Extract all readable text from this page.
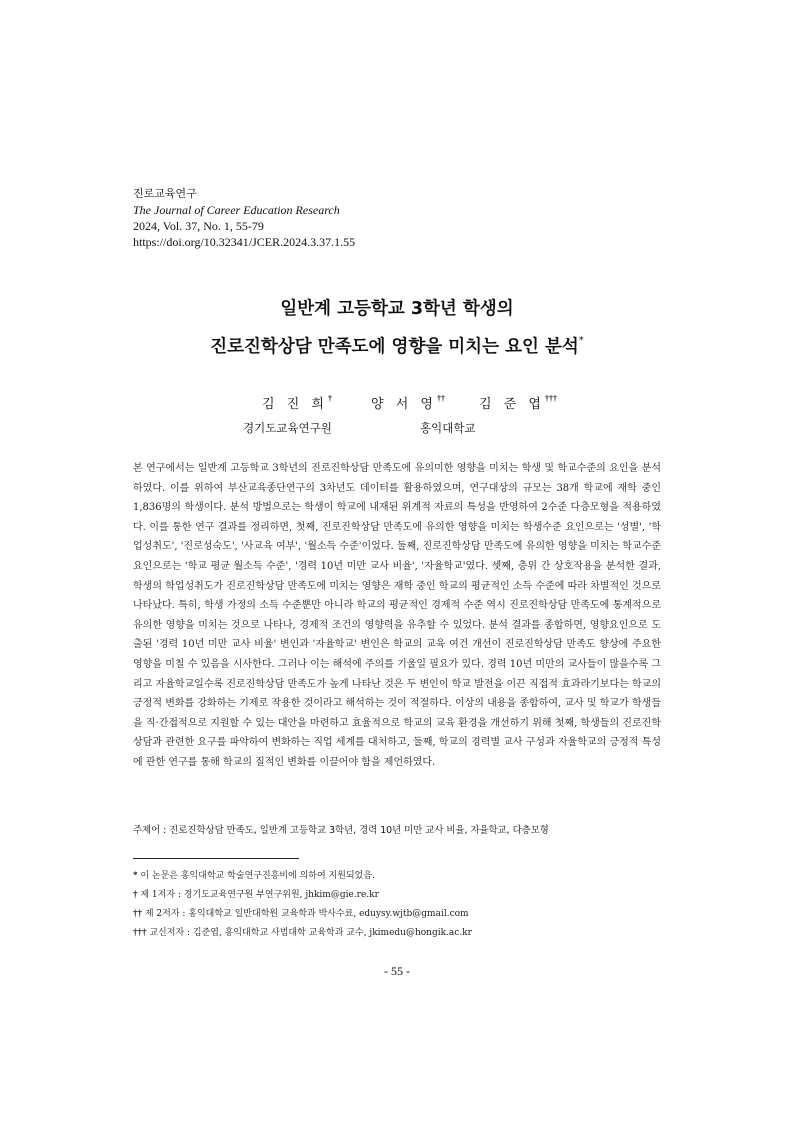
진로교육연구
The Journal of Career Education Research
2024, Vol. 37, No. 1, 55-79
https://doi.org/10.32341/JCER.2024.3.37.1.55
일반계 고등학교 3학년 학생의
진로진학상담 만족도에 영향을 미치는 요인 분석*
김 진 희†	양 서 영††	김 준 엽†††
경기도교육연구원	홍익대학교
본 연구에서는 일반계 고등학교 3학년의 진로진학상담 만족도에 유의미한 영향을 미치는 학생 및 학교수준의 요인을 분석하였다. 이를 위하여 부산교육종단연구의 3차년도 데이터를 활용하였으며, 연구대상의 규모는 38개 학교에 재학 중인 1,836명의 학생이다. 분석 방법으로는 학생이 학교에 내재된 위계적 자료의 특성을 반영하여 2수준 다층모형을 적용하였다. 이를 통한 연구 결과를 정리하면, 첫째, 진로진학상담 만족도에 유의한 영향을 미치는 학생수준 요인으로는 '성별', '학업성취도', '진로성숙도', '사교육 여부', '월소득 수준'이었다. 둘째, 진로진학상담 만족도에 유의한 영향을 미치는 학교수준 요인으로는 '학교 평균 월소득 수준', '경력 10년 미만 교사 비율', '자율학교'였다. 셋째, 층위 간 상호작용을 분석한 결과, 학생의 학업성취도가 진로진학상담 만족도에 미치는 영향은 재학 중인 학교의 평균적인 소득 수준에 따라 차별적인 것으로 나타났다. 특히, 학생 가정의 소득 수준뿐만 아니라 학교의 평균적인 경제적 수준 역시 진로진학상담 만족도에 통계적으로 유의한 영향을 미치는 것으로 나타나, 경제적 조건의 영향력을 유추할 수 있었다. 분석 결과를 종합하면, 영향요인으로 도출된 '경력 10년 미만 교사 비율' 변인과 '자율학교' 변인은 학교의 교육 여건 개선이 진로진학상담 만족도 향상에 주요한 영향을 미칠 수 있음을 시사한다. 그러나 이는 해석에 주의를 기울일 필요가 있다. 경력 10년 미만의 교사들이 많을수록 그리고 자율학교일수록 진로진학상담 만족도가 높게 나타난 것은 두 변인이 학교 발전을 이끈 직접적 효과라기보다는 학교의 긍정적 변화를 강화하는 기제로 작용한 것이라고 해석하는 것이 적절하다. 이상의 내용을 종합하여, 교사 및 학교가 학생들을 직·간접적으로 지원할 수 있는 대안을 마련하고 효율적으로 학교의 교육 환경을 개선하기 위해 첫째, 학생들의 진로진학상담과 관련한 요구를 파악하여 변화하는 직업 세계를 대처하고, 둘째, 학교의 경력별 교사 구성과 자율학교의 긍정적 특성에 관한 연구를 통해 학교의 질적인 변화를 이끌어야 함을 제언하였다.
주제어 : 진로진학상담 만족도, 일반계 고등학교 3학년, 경력 10년 미만 교사 비율, 자율학교, 다층모형
* 이 논문은 홍익대학교 학술연구진흥비에 의하여 지원되었음.
† 제 1저자 : 경기도교육연구원 부연구위원, jhkim@gie.re.kr
†† 제 2저자 : 홍익대학교 일반대학원 교육학과 박사수료, eduysy.wjtb@gmail.com
††† 교신저자 : 김준엽, 홍익대학교 사범대학 교육학과 교수, jkimedu@hongik.ac.kr
- 55 -
